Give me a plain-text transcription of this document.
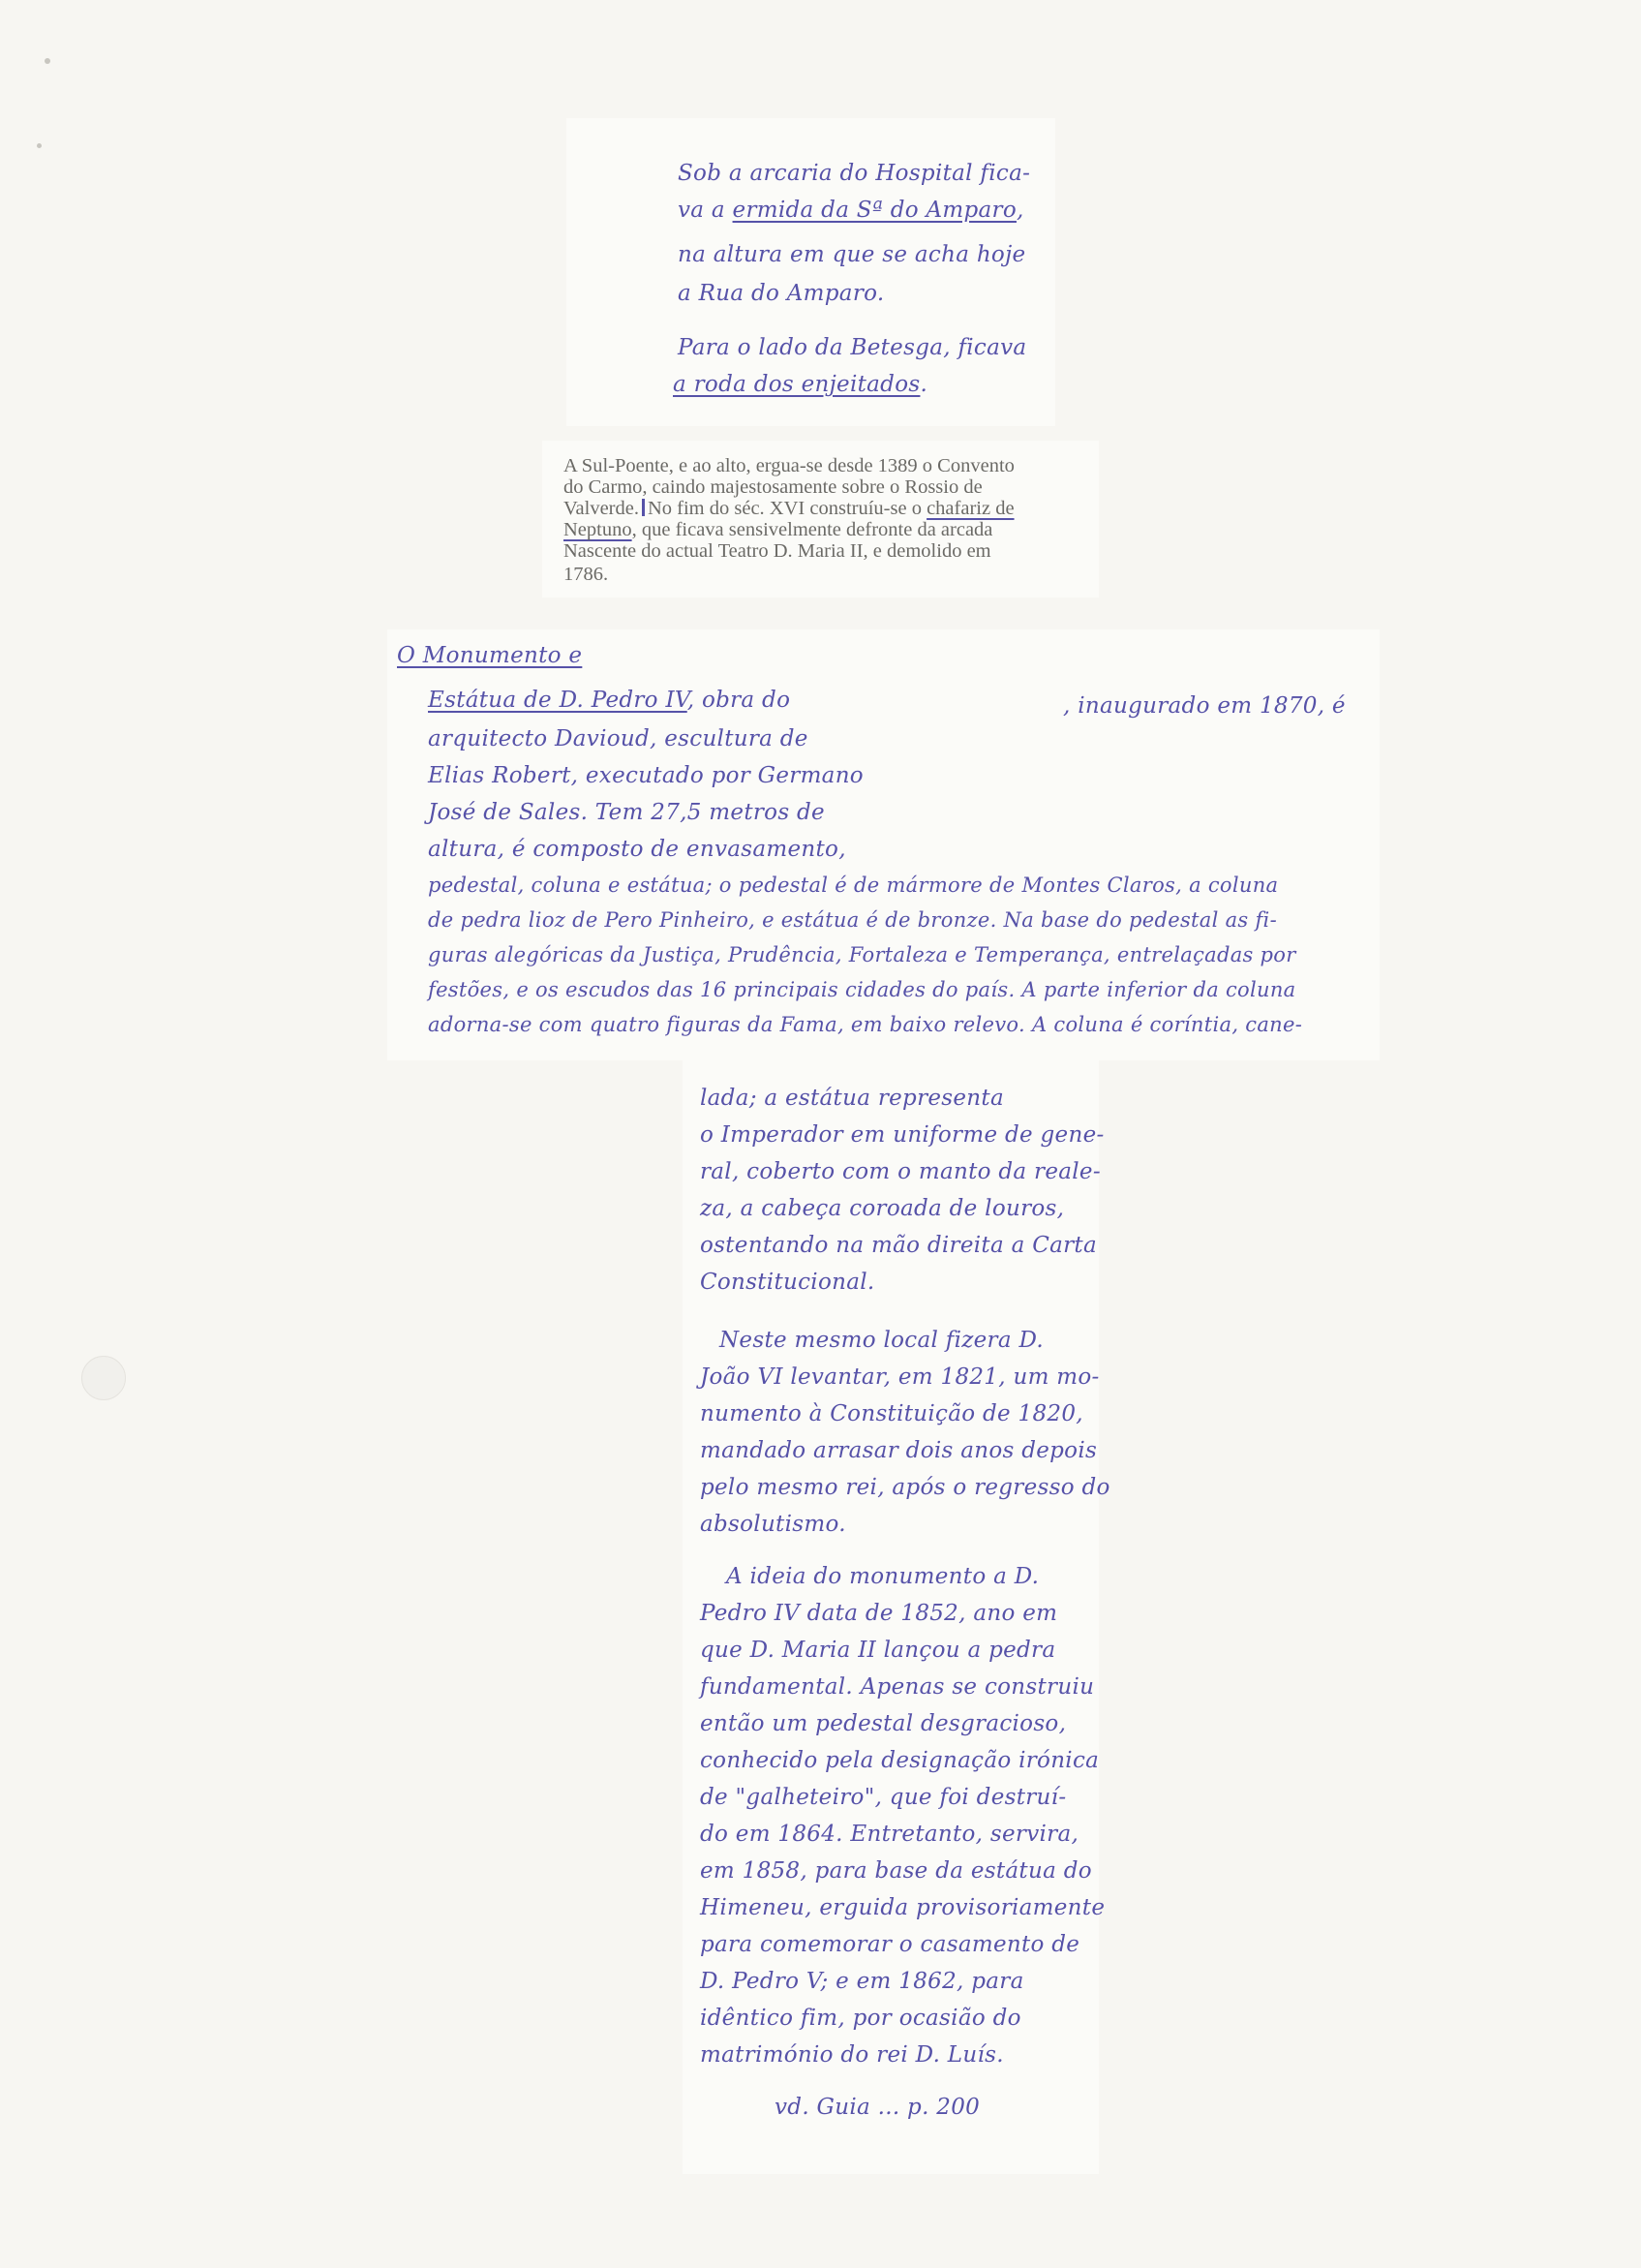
Sob a arcaria do Hospital fica-
va a ermida da Sª do Amparo,
na altura em que se acha hoje
a Rua do Amparo.
Para o lado da Betesga, ficava
a roda dos enjeitados.
A Sul-Poente, e ao alto, ergua-se desde 1389 o Convento
do Carmo, caindo majestosamente sobre o Rossio de
Valverde. No fim do séc. XVI construíu-se o chafariz de
Neptuno, que ficava sensivelmente defronte da arcada
Nascente do actual Teatro D. Maria II, e demolido em
1786.
O Monumento e
Estátua de D. Pedro IV, obra do	, inaugurado em 1870, é
arquitecto Davioud, escultura de
Elias Robert, executado por Germano
José de Sales. Tem 27,5 metros de
altura, é composto de envasamento,
pedestal, coluna e estátua; o pedestal é de mármore de Montes Claros, a coluna
de pedra lioz de Pero Pinheiro, e estátua é de bronze. Na base do pedestal as fi-
guras alegóricas da Justiça, Prudência, Fortaleza e Temperança, entrelaçadas por
festões, e os escudos das 16 principais cidades do país. A parte inferior da coluna
adorna-se com quatro figuras da Fama, em baixo relevo. A coluna é coríntia, cane-
lada; a estátua representa
o Imperador em uniforme de gene-
ral, coberto com o manto da reale-
za, a cabeça coroada de louros,
ostentando na mão direita a Carta
Constitucional.
Neste mesmo local fizera D.
João VI levantar, em 1821, um mo-
numento à Constituição de 1820,
mandado arrasar dois anos depois
pelo mesmo rei, após o regresso do
absolutismo.
A ideia do monumento a D.
Pedro IV data de 1852, ano em
que D. Maria II lançou a pedra
fundamental. Apenas se construiu
então um pedestal desgracioso,
conhecido pela designação irónica
de "galheteiro", que foi destruí-
do em 1864. Entretanto, servira,
em 1858, para base da estátua do
Himeneu, erguida provisoriamente
para comemorar o casamento de
D. Pedro V; e em 1862, para
idêntico fim, por ocasião do
matrimónio do rei D. Luís.
vd. Guia ... p. 200
